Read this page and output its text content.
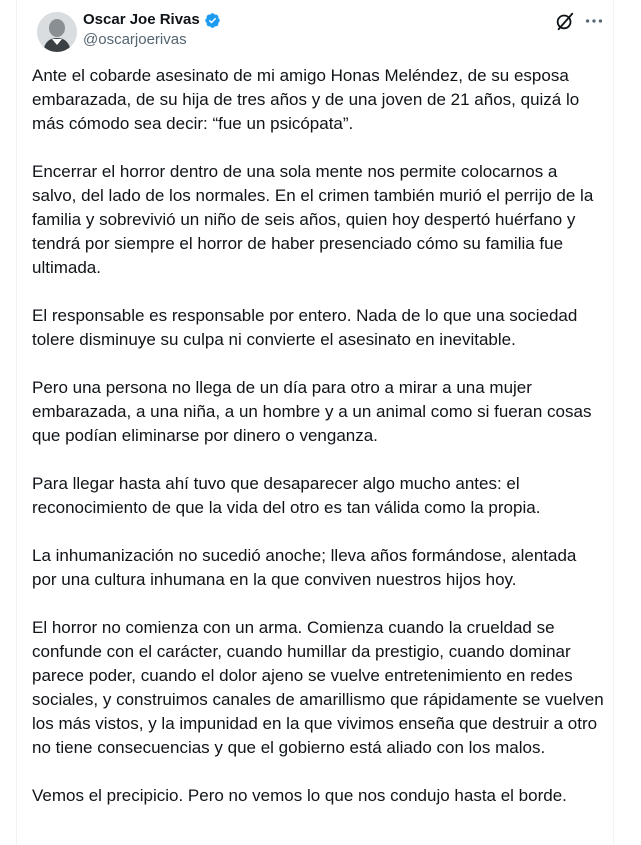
Oscar Joe Rivas
@oscarjoerivas

Ante el cobarde asesinato de mi amigo Honas Meléndez, de su esposa embarazada, de su hija de tres años y de una joven de 21 años, quizá lo más cómodo sea decir: “fue un psicópata”.

Encerrar el horror dentro de una sola mente nos permite colocarnos a salvo, del lado de los normales. En el crimen también murió el perrijo de la familia y sobrevivió un niño de seis años, quien hoy despertó huérfano y tendrá por siempre el horror de haber presenciado cómo su familia fue ultimada.

El responsable es responsable por entero. Nada de lo que una sociedad tolere disminuye su culpa ni convierte el asesinato en inevitable.

Pero una persona no llega de un día para otro a mirar a una mujer embarazada, a una niña, a un hombre y a un animal como si fueran cosas que podían eliminarse por dinero o venganza.

Para llegar hasta ahí tuvo que desaparecer algo mucho antes: el reconocimiento de que la vida del otro es tan válida como la propia.

La inhumanización no sucedió anoche; lleva años formándose, alentada por una cultura inhumana en la que conviven nuestros hijos hoy.

El horror no comienza con un arma. Comienza cuando la crueldad se confunde con el carácter, cuando humillar da prestigio, cuando dominar parece poder, cuando el dolor ajeno se vuelve entretenimiento en redes sociales, y construimos canales de amarillismo que rápidamente se vuelven los más vistos, y la impunidad en la que vivimos enseña que destruir a otro no tiene consecuencias y que el gobierno está aliado con los malos.

Vemos el precipicio. Pero no vemos lo que nos condujo hasta el borde.
